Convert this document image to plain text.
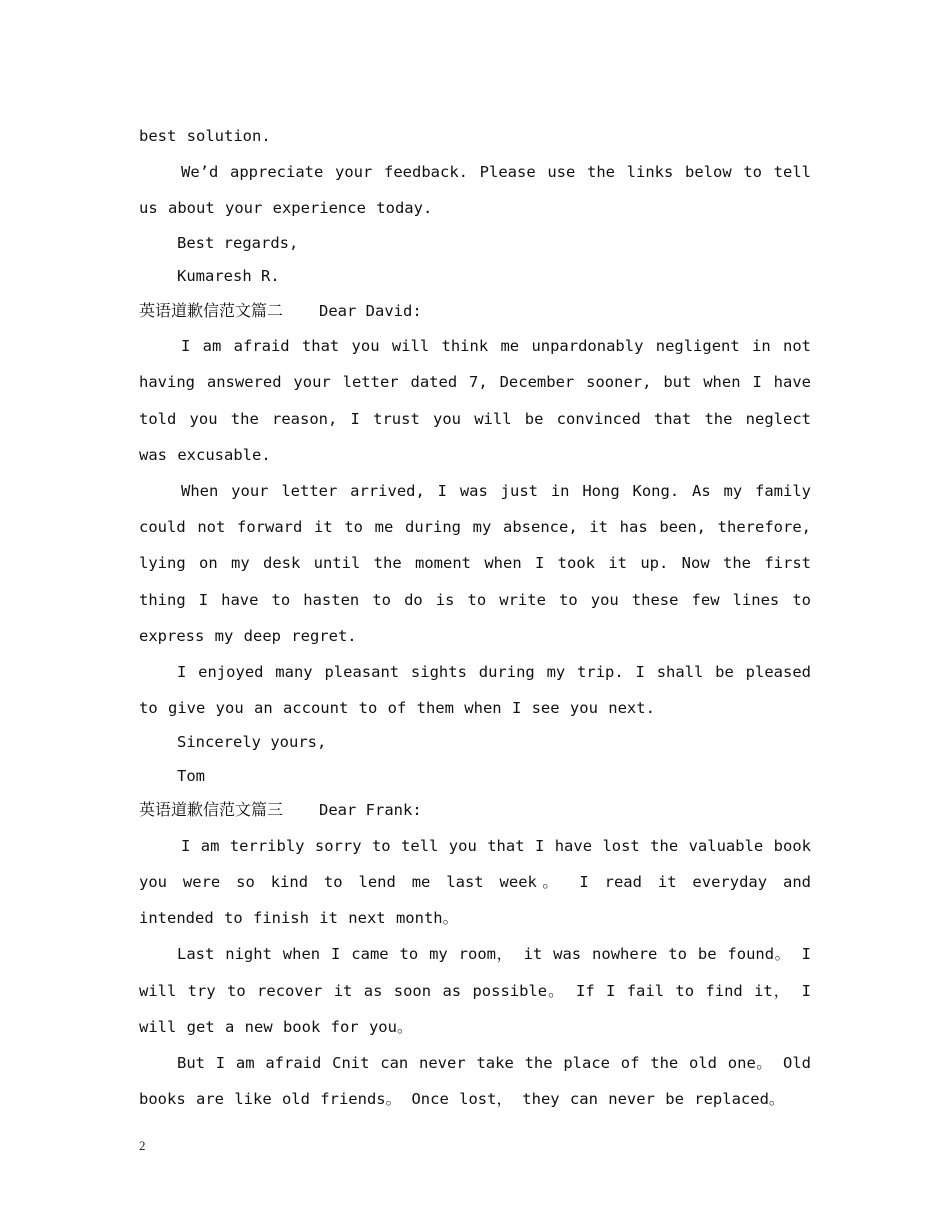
best solution.

We’d appreciate your feedback. Please use the links below to tell us about your experience today.

Best regards,

Kumaresh R.

英语道歉信范文篇二 Dear David:

I am afraid that you will think me unpardonably negligent in not having answered your letter dated 7, December sooner, but when I have told you the reason, I trust you will be convinced that the neglect was excusable.

When your letter arrived, I was just in Hong Kong. As my family could not forward it to me during my absence, it has been, therefore, lying on my desk until the moment when I took it up. Now the first thing I have to hasten to do is to write to you these few lines to express my deep regret.

I enjoyed many pleasant sights during my trip. I shall be pleased to give you an account to of them when I see you next.

Sincerely yours,

Tom

英语道歉信范文篇三 Dear Frank:

I am terribly sorry to tell you that I have lost the valuable book you were so kind to lend me last week。 I read it everyday and intended to finish it next month。

Last night when I came to my room， it was nowhere to be found。 I will try to recover it as soon as possible。 If I fail to find it， I will get a new book for you。

But I am afraid Cnit can never take the place of the old one。 Old books are like old friends。 Once lost， they can never be replaced。

2
